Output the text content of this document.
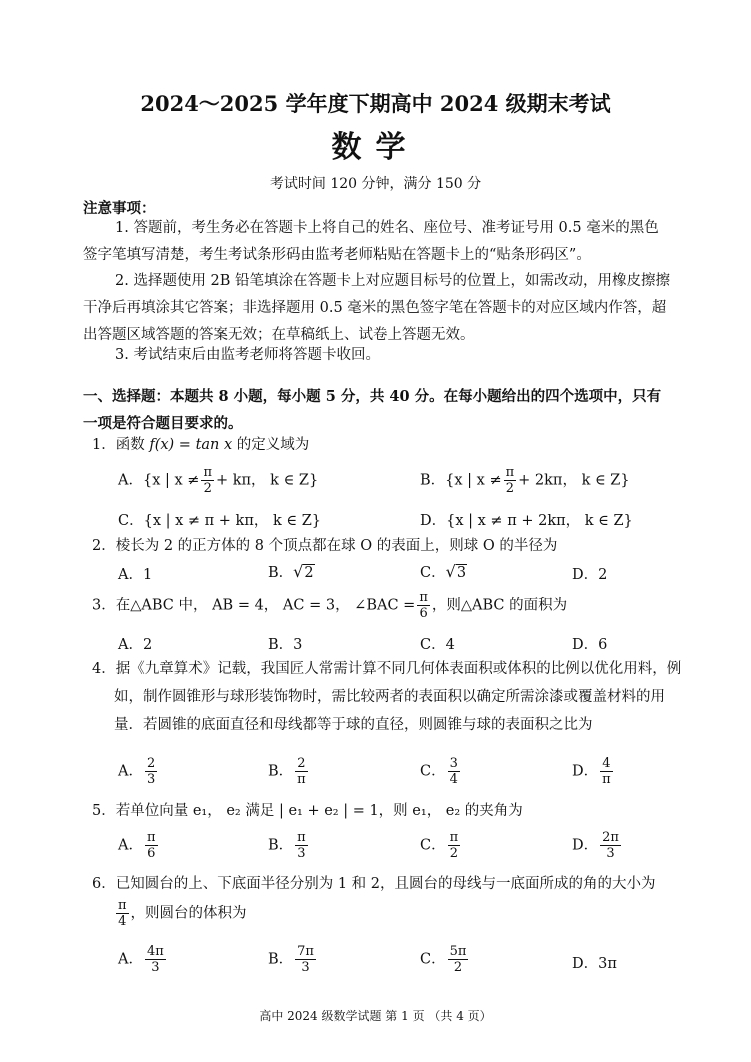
2024～2025 学年度下期高中 2024 级期末考试
数学
考试时间 120 分钟，满分 150 分
注意事项：
1. 答题前，考生务必在答题卡上将自己的姓名、座位号、准考证号用 0.5 毫米的黑色签字笔填写清楚，考生考试条形码由监考老师粘贴在答题卡上的“贴条形码区”。
2. 选择题使用 2B 铅笔填涂在答题卡上对应题目标号的位置上，如需改动，用橡皮擦擦干净后再填涂其它答案；非选择题用 0.5 毫米的黑色签字笔在答题卡的对应区域内作答，超出答题区域答题的答案无效；在草稿纸上、试卷上答题无效。
3. 考试结束后由监考老师将答题卡收回。
一、选择题：本题共 8 小题，每小题 5 分，共 40 分。在每小题给出的四个选项中，只有一项是符合题目要求的。
1．函数 f(x) = tan x 的定义域为
A．{x | $x \ne \frac{\pi}{2} + k\pi$， k ∈ Z}	B．{x | $x \ne \frac{\pi}{2} + 2k\pi$， k ∈ Z}
C．{x | x ≠ π + kπ， k ∈ Z}	D．{x | x ≠ π + 2kπ， k ∈ Z}
2．棱长为 2 的正方体的 8 个顶点都在球 O 的表面上，则球 O 的半径为
A．1	B． √ 2	C． √ 3	D．2
3．在△ABC 中， AB = 4， AC = 3， ∠BAC = $\frac{\pi}{6}$ ，则△ABC 的面积为
A．2	B．3	C．4	D．6
4．据《九章算术》记载，我国匠人常需计算不同几何体表面积或体积的比例以优化用料，例如，制作圆锥形与球形装饰物时，需比较两者的表面积以确定所需涂漆或覆盖材料的用量．若圆锥的底面直径和母线都等于球的直径，则圆锥与球的表面积之比为
A． $\frac{2}{3}$	B． $\frac{2}{\pi}$	C． $\frac{3}{4}$	D． $\frac{4}{\pi}$
5．若单位向量 e₁， e₂ 满足 | e₁ + e₂ | = 1，则 e₁， e₂ 的夹角为
A． $\frac{\pi}{6}$	B． $\frac{\pi}{3}$	C． $\frac{\pi}{2}$	D． $\frac{2\pi}{3}$
6．已知圆台的上、下底面半径分别为 1 和 2，且圆台的母线与一底面所成的角的大小为
$\frac{\pi}{4}$ ，则圆台的体积为
A． $\frac{4\pi}{3}$	B． $\frac{7\pi}{3}$	C． $\frac{5\pi}{2}$	D．3π
高中 2024 级数学试题 第 1 页 （共 4 页）
